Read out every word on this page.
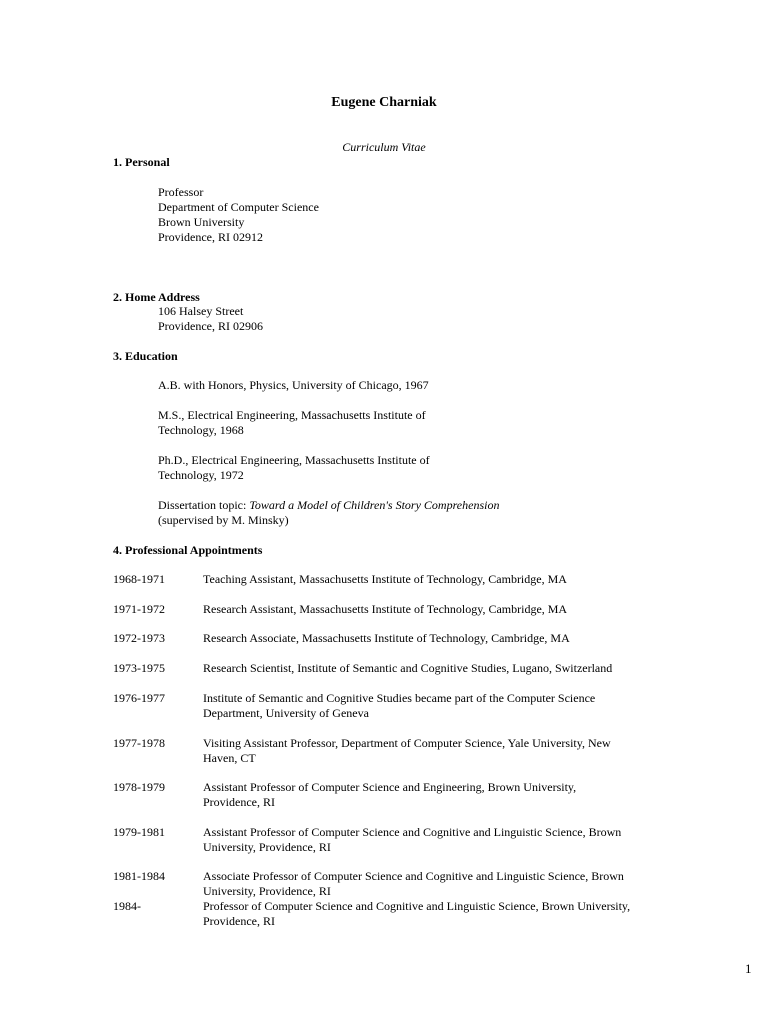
Eugene Charniak
Curriculum Vitae
1. Personal
Professor
Department of Computer Science
Brown University
Providence, RI 02912
2. Home Address
106 Halsey Street
Providence, RI 02906
3. Education
A.B. with Honors, Physics, University of Chicago, 1967
M.S., Electrical Engineering, Massachusetts Institute of
Technology, 1968
Ph.D., Electrical Engineering, Massachusetts Institute of
Technology, 1972
Dissertation topic: Toward a Model of Children's Story Comprehension
(supervised by M. Minsky)
4. Professional Appointments
1968-1971	Teaching Assistant, Massachusetts Institute of Technology, Cambridge, MA
1971-1972	Research Assistant, Massachusetts Institute of Technology, Cambridge, MA
1972-1973	Research Associate, Massachusetts Institute of Technology, Cambridge, MA
1973-1975	Research Scientist, Institute of Semantic and Cognitive Studies, Lugano, Switzerland
1976-1977	Institute of Semantic and Cognitive Studies became part of the Computer Science
Department, University of Geneva
1977-1978	Visiting Assistant Professor, Department of Computer Science, Yale University, New
Haven, CT
1978-1979	Assistant Professor of Computer Science and Engineering, Brown University,
Providence, RI
1979-1981	Assistant Professor of Computer Science and Cognitive and Linguistic Science, Brown
University, Providence, RI
1981-1984	Associate Professor of Computer Science and Cognitive and Linguistic Science, Brown
University, Providence, RI
1984-	Professor of Computer Science and Cognitive and Linguistic Science, Brown University,
Providence, RI
1
